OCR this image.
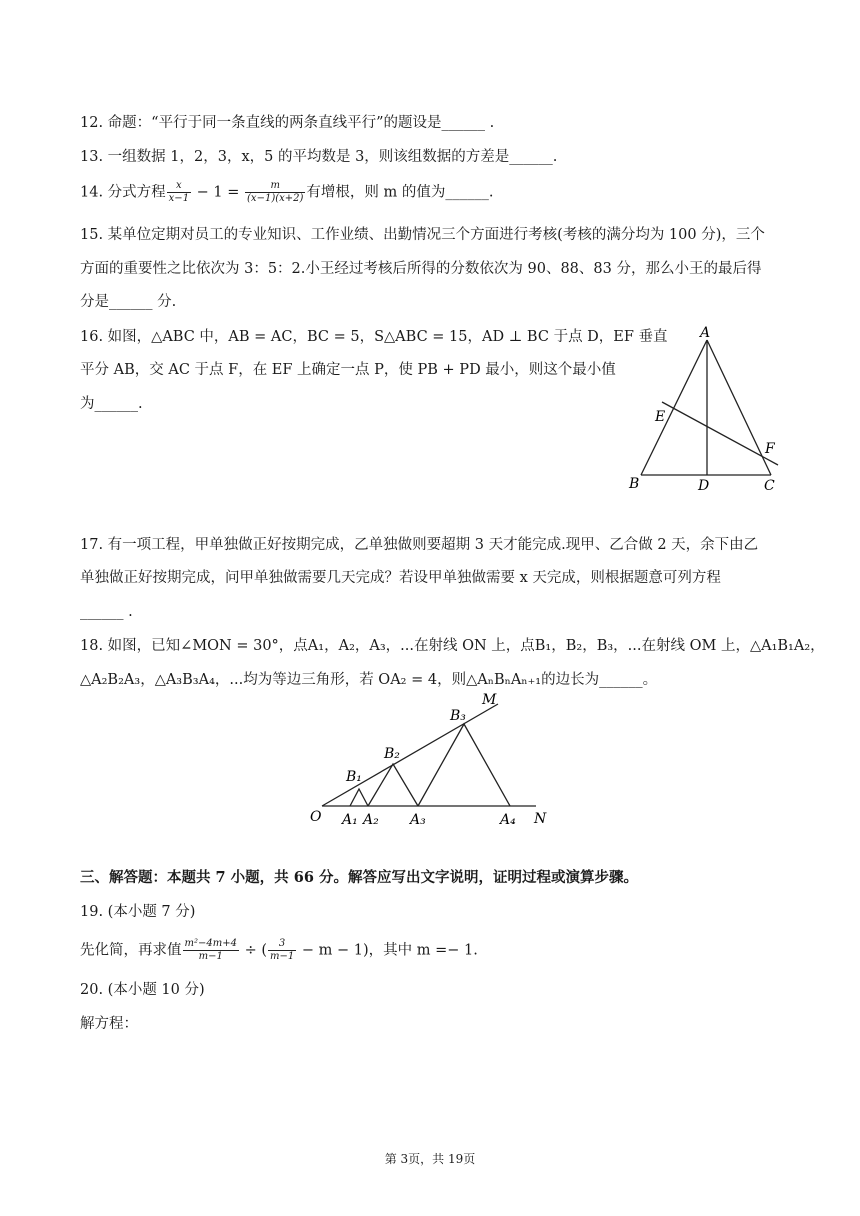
12. 命题：“平行于同一条直线的两条直线平行”的题设是______ .
13. 一组数据 1，2，3，x，5 的平均数是 3，则该组数据的方差是______.
14. 分式方程 $\frac{x}{x-1} - 1 = \frac{m}{(x-1)(x+2)}$ 有增根，则 m 的值为______.
15. 某单位定期对员工的专业知识、工作业绩、出勤情况三个方面进行考核(考核的满分均为 100 分)，三个
方面的重要性之比依次为 3：5：2.小王经过考核后所得的分数依次为 90、88、83 分，那么小王的最后得
分是______ 分.
16. 如图，△ABC 中，AB = AC，BC = 5，S△ABC = 15，AD ⊥ BC 于点 D，EF 垂直
平分 AB，交 AC 于点 F，在 EF 上确定一点 P，使 PB + PD 最小，则这个最小值
为______.
A
B	C
D
E
F
17. 有一项工程，甲单独做正好按期完成，乙单独做则要超期 3 天才能完成.现甲、乙合做 2 天，余下由乙
单独做正好按期完成，问甲单独做需要几天完成？若设甲单独做需要 x 天完成，则根据题意可列方程
______ .
18. 如图，已知∠MON = 30°，点A₁，A₂，A₃，...在射线 ON 上，点B₁，B₂，B₃，...在射线 OM 上，△A₁B₁A₂，
△A₂B₂A₃，△A₃B₃A₄，...均为等边三角形，若 OA₂ = 4，则△AₙBₙAₙ₊₁的边长为______。
O
M
N
A₁ A₂ A₃	A₄
B₁
B₂
B₃
三、解答题：本题共 7 小题，共 66 分。解答应写出文字说明，证明过程或演算步骤。
19. (本小题 7 分)
先化简，再求值 $\frac{\text{m²−4m+4}}{m-1}$ ÷ ( $\frac{3}{m-1} - m - 1$)，其中 m =− 1.
20. (本小题 10 分)
解方程：
第 3页，共 19页
